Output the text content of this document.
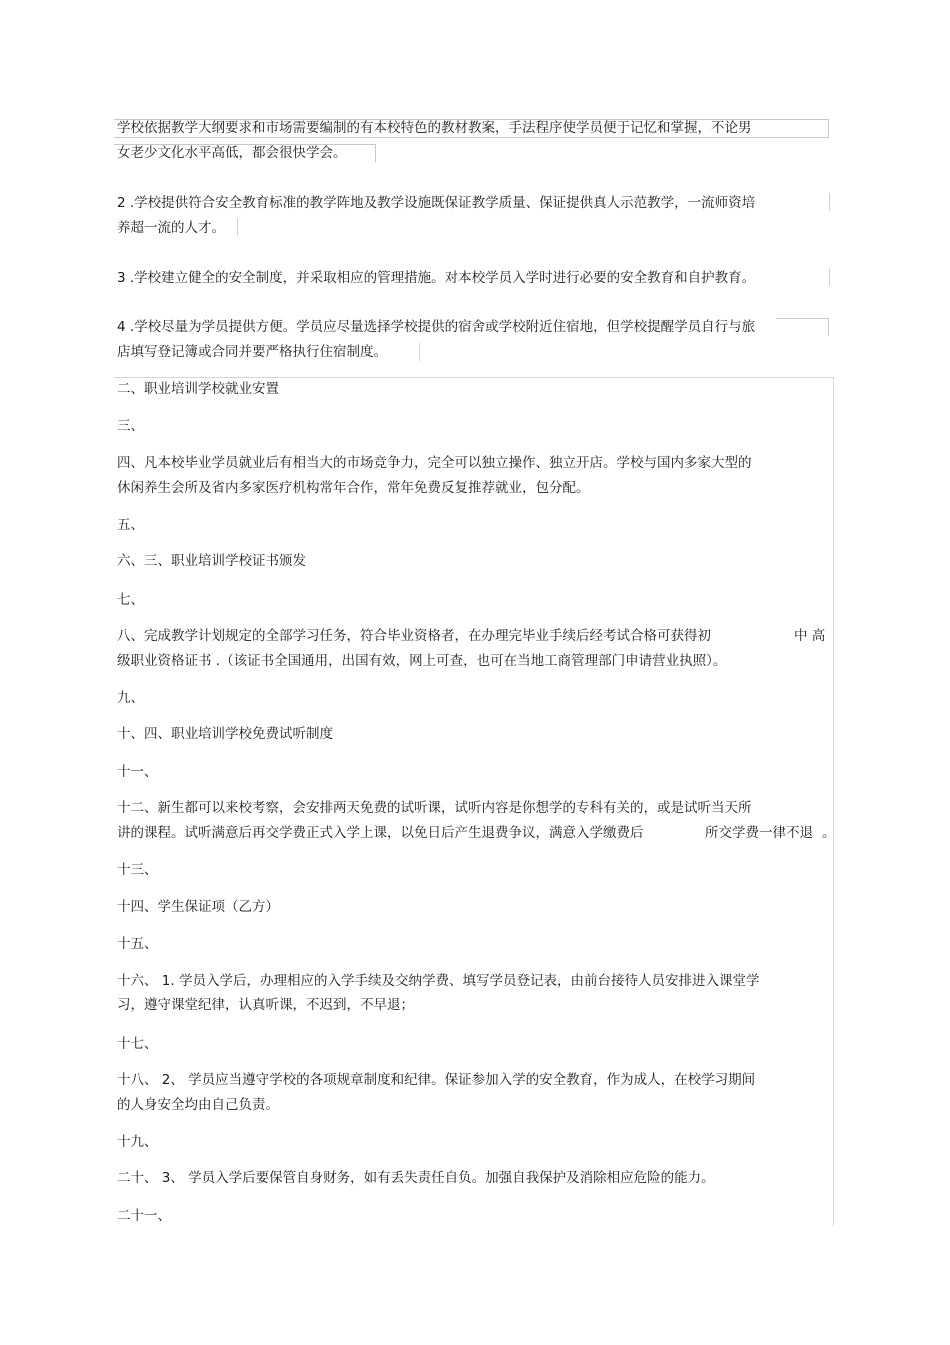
学校依据教学大纲要求和市场需要编制的有本校特色的教材教案，手法程序使学员便于记忆和掌握，不论男
女老少文化水平高低，都会很快学会。
2 .学校提供符合安全教育标准的教学阵地及教学设施既保证教学质量、保证提供真人示范教学，一流师资培
养超一流的人才。
3 .学校建立健全的安全制度，并采取相应的管理措施。对本校学员入学时进行必要的安全教育和自护教育。
4 .学校尽量为学员提供方便。学员应尽量选择学校提供的宿舍或学校附近住宿地，但学校提醒学员自行与旅
店填写登记簿或合同并要严格执行住宿制度。
二、职业培训学校就业安置
三、
四、凡本校毕业学员就业后有相当大的市场竞争力，完全可以独立操作、独立开店。学校与国内多家大型的
休闲养生会所及省内多家医疗机构常年合作，常年免费反复推荐就业，包分配。
五、
六、三、职业培训学校证书颁发
七、
八、完成教学计划规定的全部学习任务，符合毕业资格者，在办理完毕业手续后经考试合格可获得初	中 高
级职业资格证书 .（该证书全国通用，出国有效，网上可查，也可在当地工商管理部门申请营业执照）。
九、
十、四、职业培训学校免费试听制度
十一、
十二、新生都可以来校考察，会安排两天免费的试听课，试听内容是你想学的专科有关的，或是试听当天所
讲的课程。试听满意后再交学费正式入学上课，以免日后产生退费争议，满意入学缴费后	所交学费一律不退 。
十三、
十四、学生保证项（乙方）
十五、
十六、 1. 学员入学后，办理相应的入学手续及交纳学费、填写学员登记表，由前台接待人员安排进入课堂学
习，遵守课堂纪律，认真听课，不迟到，不早退；
十七、
十八、 2、 学员应当遵守学校的各项规章制度和纪律。保证参加入学的安全教育，作为成人，在校学习期间
的人身安全均由自己负责。
十九、
二十、 3、 学员入学后要保管自身财务，如有丢失责任自负。加强自我保护及消除相应危险的能力。
二十一、
